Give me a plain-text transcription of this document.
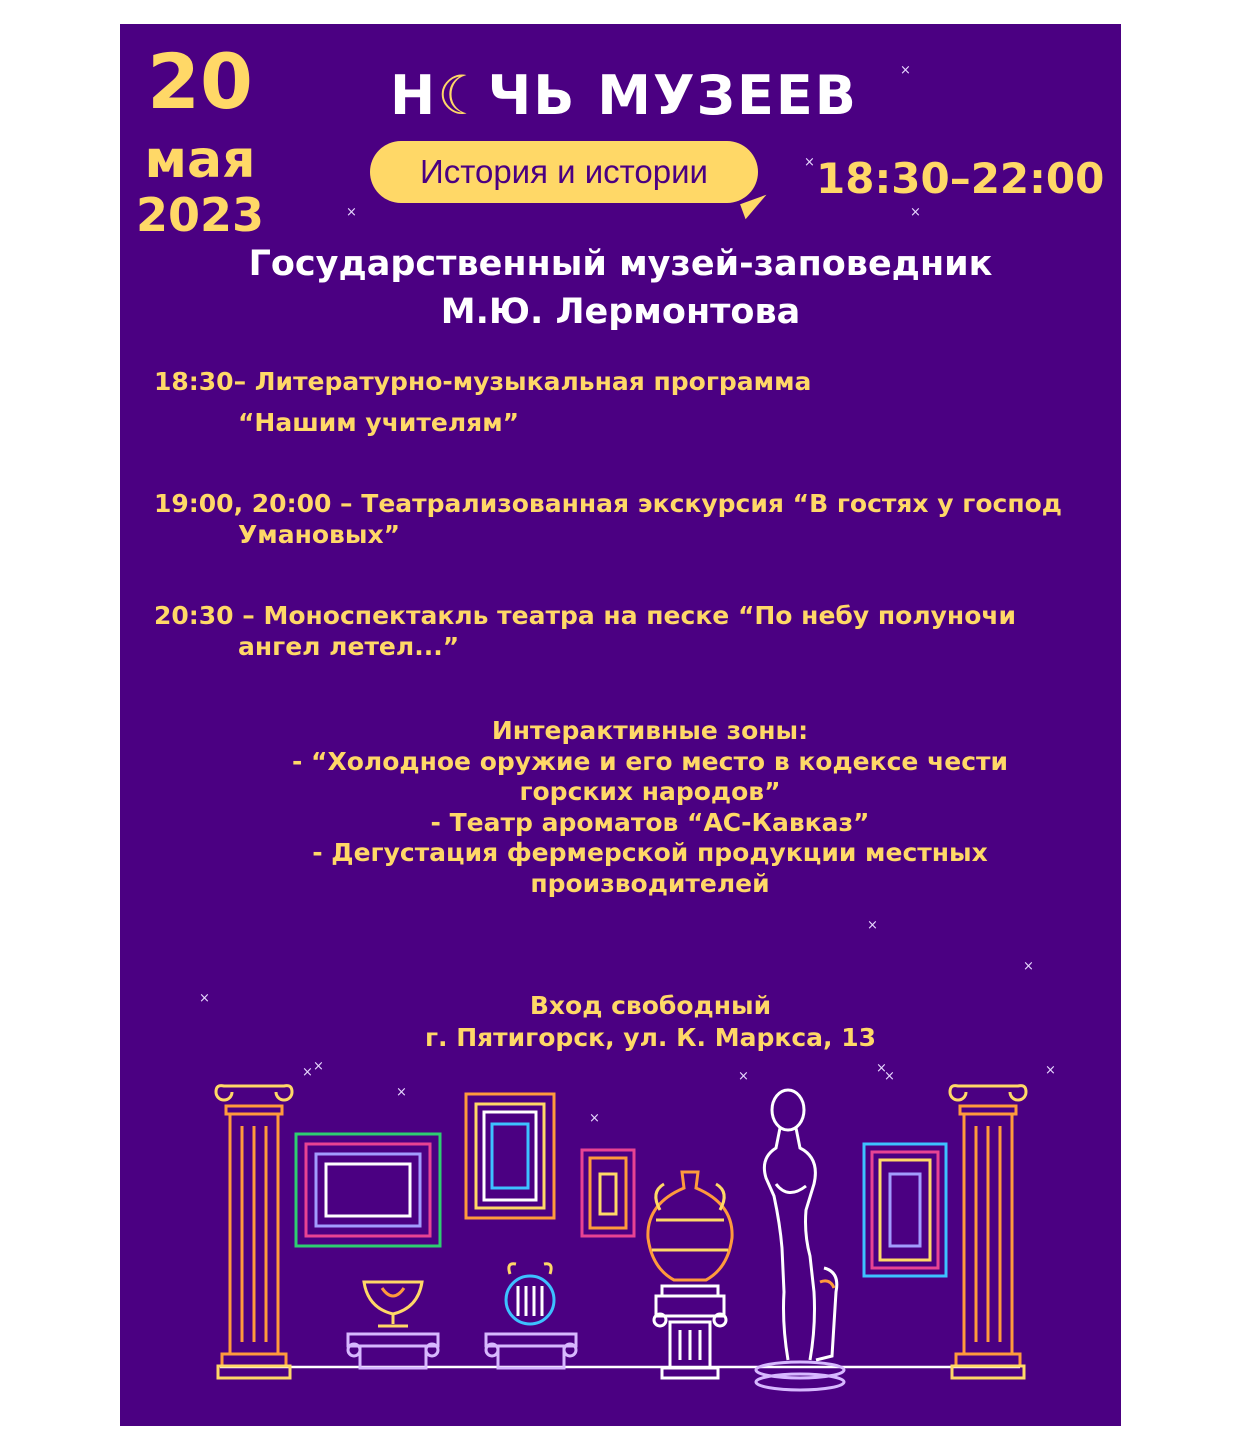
20
мая
2023
Н☾ЧЬ МУЗЕЕВ
История и истории	18:30–22:00
Государственный музей-заповедник
М.Ю. Лермонтова
18:30– Литературно-музыкальная программа
“Нашим учителям”
19:00, 20:00 – Театрализованная экскурсия “В гостях у господ
Умановых”
20:30 – Моноспектакль театра на песке “По небу полуночи
ангел летел...”
Интерактивные зоны:
- “Холодное оружие и его место в кодексе чести
горских народов”
- Театр ароматов “АС-Кавказ”
- Дегустация фермерской продукции местных
производителей
Вход свободный
г. Пятигорск, ул. К. Маркса, 13
×
×
×	×
×
×
×
× ×
×
×
×
×	×
×
